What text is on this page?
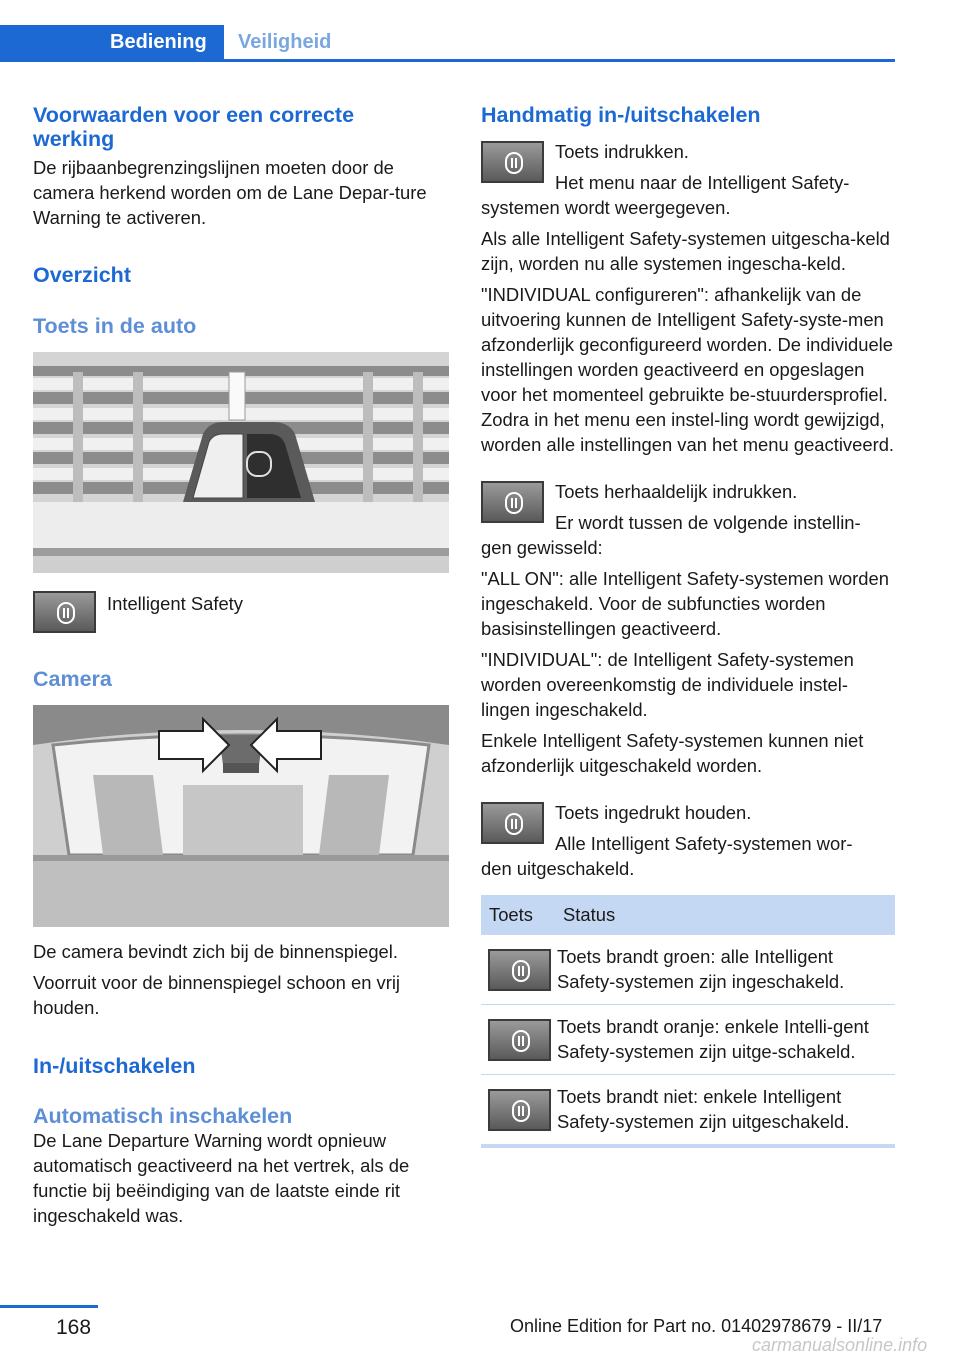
Bediening	Veiligheid
Voorwaarden voor een correcte werking

De rijbaanbegrenzingslijnen moeten door de camera herkend worden om de Lane Depar‐ture Warning te activeren.

Overzicht
Toets in de auto

Intelligent Safety

Camera

De camera bevindt zich bij de binnenspiegel.

Voorruit voor de binnenspiegel schoon en vrij houden.

In-/uitschakelen
Automatisch inschakelen

De Lane Departure Warning wordt opnieuw automatisch geactiveerd na het vertrek, als de functie bij beëindiging van de laatste einde rit ingeschakeld was.

Handmatig in-/uitschakelen

Toets indrukken.

Het menu naar de Intelligent Safety-

systemen wordt weergegeven.

Als alle Intelligent Safety-systemen uitgescha‐keld zijn, worden nu alle systemen ingescha‐keld.

"INDIVIDUAL configureren": afhankelijk van de uitvoering kunnen de Intelligent Safety-syste‐men afzonderlijk geconfigureerd worden. De individuele instellingen worden geactiveerd en opgeslagen voor het momenteel gebruikte be‐stuurdersprofiel. Zodra in het menu een instel‐ling wordt gewijzigd, worden alle instellingen van het menu geactiveerd.

Toets herhaaldelijk indrukken.

Er wordt tussen de volgende instellin-

gen gewisseld:

"ALL ON": alle Intelligent Safety-systemen worden ingeschakeld. Voor de subfuncties worden basisinstellingen geactiveerd.

"INDIVIDUAL": de Intelligent Safety-systemen worden overeenkomstig de individuele instel‐lingen ingeschakeld.

Enkele Intelligent Safety-systemen kunnen niet afzonderlijk uitgeschakeld worden.

Toets ingedrukt houden.

Alle Intelligent Safety-systemen wor-

den uitgeschakeld.

Toets	Status

	Toets brandt groen: alle Intelligent Safety-systemen zijn ingeschakeld.

	Toets brandt oranje: enkele Intelli‐gent Safety-systemen zijn uitge‐schakeld.

	Toets brandt niet: enkele Intelligent Safety-systemen zijn uitgeschakeld.
168	Online Edition for Part no. 01402978679 - II/17
carmanualsonline.info
